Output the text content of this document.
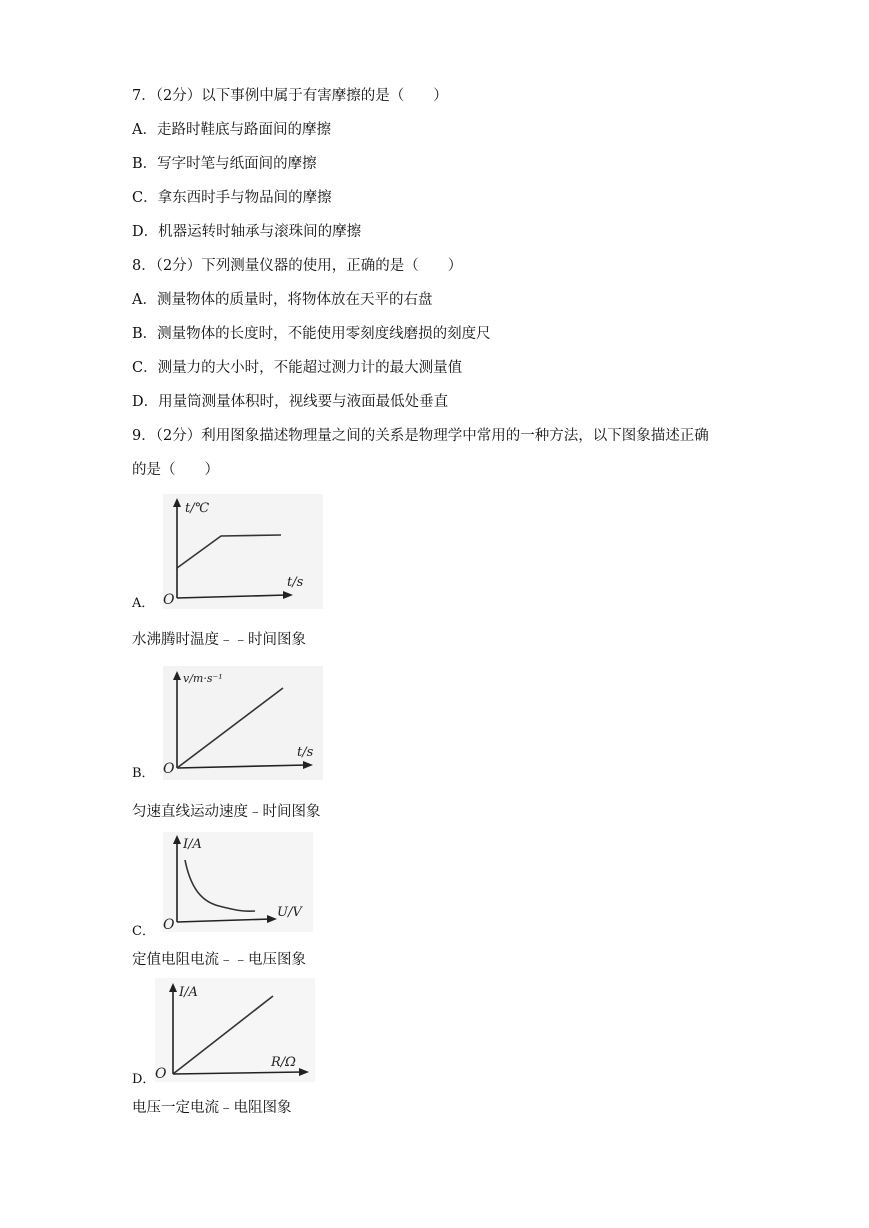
7．（2分）以下事例中属于有害摩擦的是（　　）
A．走路时鞋底与路面间的摩擦
B．写字时笔与纸面间的摩擦
C．拿东西时手与物品间的摩擦
D．机器运转时轴承与滚珠间的摩擦
8．（2分）下列测量仪器的使用，正确的是（　　）
A．测量物体的质量时，将物体放在天平的右盘
B．测量物体的长度时，不能使用零刻度线磨损的刻度尺
C．测量力的大小时，不能超过测力计的最大测量值
D．用量筒测量体积时，视线要与液面最低处垂直
9．（2分）利用图象描述物理量之间的关系是物理学中常用的一种方法，以下图象描述正确
的是（　　）
t/℃
t/s
O
A．
水沸腾时温度﹣﹣时间图象
v/m·s⁻¹
t/s
O
B．
匀速直线运动速度﹣时间图象
I/A
U/V
O
C．
定值电阻电流﹣﹣电压图象
I/A
R/Ω
O
D．
电压一定电流﹣电阻图象
